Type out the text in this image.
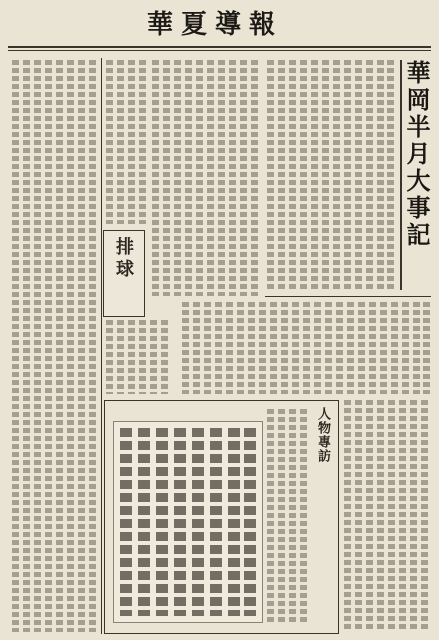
華夏導報
華岡半月大事記
排球
人物專訪
